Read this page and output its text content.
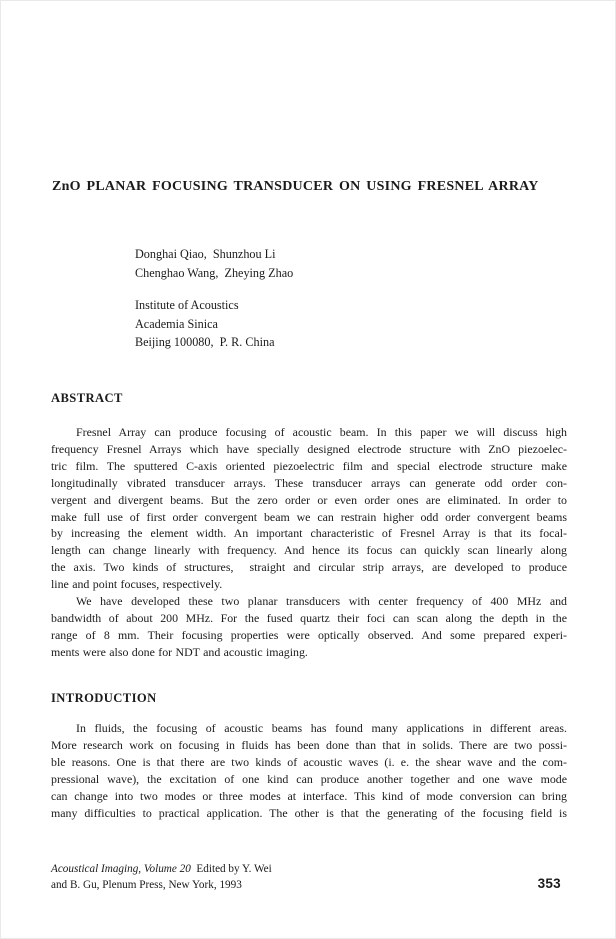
ZnO PLANAR FOCUSING TRANSDUCER ON USING FRESNEL ARRAY
Donghai Qiao,  Shunzhou Li
Chenghao Wang,  Zheying Zhao
Institute of Acoustics
Academia Sinica
Beijing 100080,  P. R. China
ABSTRACT
Fresnel Array can produce focusing of acoustic beam. In this paper we will discuss high
frequency Fresnel Arrays which have specially designed electrode structure with ZnO piezoelec-
tric film. The sputtered C-axis oriented piezoelectric film and special electrode structure make
longitudinally vibrated transducer arrays. These transducer arrays can generate odd order con-
vergent and divergent beams. But the zero order or even order ones are eliminated. In order to
make full use of first order convergent beam we can restrain higher odd order convergent beams
by increasing the element width. An important characteristic of Fresnel Array is that its focal-
length can change linearly with frequency. And hence its focus can quickly scan linearly along
the axis. Two kinds of structures,  straight and circular strip arrays, are developed to produce
line and point focuses, respectively.
We have developed these two planar transducers with center frequency of 400 MHz and
bandwidth of about 200 MHz. For the fused quartz their foci can scan along the depth in the
range of 8 mm. Their focusing properties were optically observed. And some prepared experi-
ments were also done for NDT and acoustic imaging.
INTRODUCTION
In fluids, the focusing of acoustic beams has found many applications in different areas.
More research work on focusing in fluids has been done than that in solids. There are two possi-
ble reasons. One is that there are two kinds of acoustic waves (i. e. the shear wave and the com-
pressional wave), the excitation of one kind can produce another together and one wave mode
can change into two modes or three modes at interface. This kind of mode conversion can bring
many difficulties to practical application. The other is that the generating of the focusing field is
Acoustical Imaging, Volume 20  Edited by Y. Wei
and B. Gu, Plenum Press, New York, 1993	353
